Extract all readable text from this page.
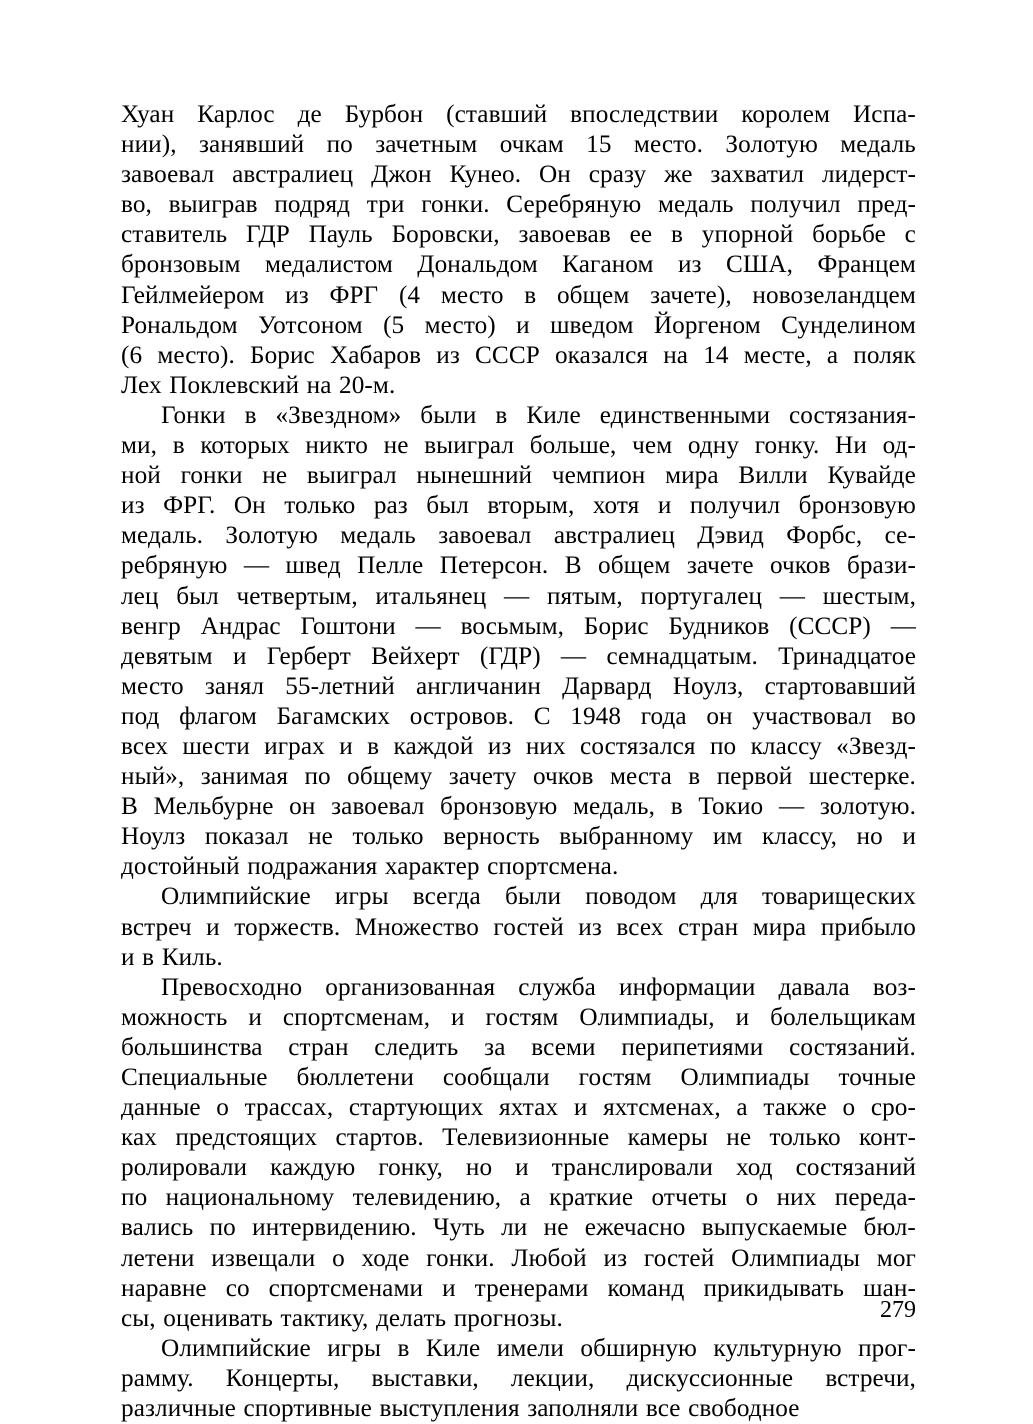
Хуан Карлос де Бурбон (ставший впоследствии королем Испа-
нии), занявший по зачетным очкам 15 место. Золотую медаль
завоевал австралиец Джон Кунео. Он сразу же захватил лидерст-
во, выиграв подряд три гонки. Серебряную медаль получил пред-
ставитель ГДР Пауль Боровски, завоевав ее в упорной борьбе с
бронзовым медалистом Дональдом Каганом из США, Францем
Гейлмейером из ФРГ (4 место в общем зачете), новозеландцем
Рональдом Уотсоном (5 место) и шведом Йоргеном Сунделином
(6 место). Борис Хабаров из СССР оказался на 14 месте, а поляк
Лех Поклевский на 20-м.
Гонки в «Звездном» были в Киле единственными состязания-
ми, в которых никто не выиграл больше, чем одну гонку. Ни од-
ной гонки не выиграл нынешний чемпион мира Вилли Кувайде
из ФРГ. Он только раз был вторым, хотя и получил бронзовую
медаль. Золотую медаль завоевал австралиец Дэвид Форбс, се-
ребряную — швед Пелле Петерсон. В общем зачете очков брази-
лец был четвертым, итальянец — пятым, португалец — шестым,
венгр Андрас Гоштони — восьмым, Борис Будников (СССР) —
девятым и Герберт Вейхерт (ГДР) — семнадцатым. Тринадцатое
место занял 55-летний англичанин Дарвард Ноулз, стартовавший
под флагом Багамских островов. С 1948 года он участвовал во
всех шести играх и в каждой из них состязался по классу «Звезд-
ный», занимая по общему зачету очков места в первой шестерке.
В Мельбурне он завоевал бронзовую медаль, в Токио — золотую.
Ноулз показал не только верность выбранному им классу, но и
достойный подражания характер спортсмена.
Олимпийские игры всегда были поводом для товарищеских
встреч и торжеств. Множество гостей из всех стран мира прибыло
и в Киль.
Превосходно организованная служба информации давала воз-
можность и спортсменам, и гостям Олимпиады, и болельщикам
большинства стран следить за всеми перипетиями состязаний.
Специальные бюллетени сообщали гостям Олимпиады точные
данные о трассах, стартующих яхтах и яхтсменах, а также о сро-
ках предстоящих стартов. Телевизионные камеры не только конт-
ролировали каждую гонку, но и транслировали ход состязаний
по национальному телевидению, а краткие отчеты о них переда-
вались по интервидению. Чуть ли не ежечасно выпускаемые бюл-
летени извещали о ходе гонки. Любой из гостей Олимпиады мог
наравне со спортсменами и тренерами команд прикидывать шан-
сы, оценивать тактику, делать прогнозы.
Олимпийские игры в Киле имели обширную культурную прог-
рамму. Концерты, выставки, лекции, дискуссионные встречи,
различные спортивные выступления заполняли все свободное
279
